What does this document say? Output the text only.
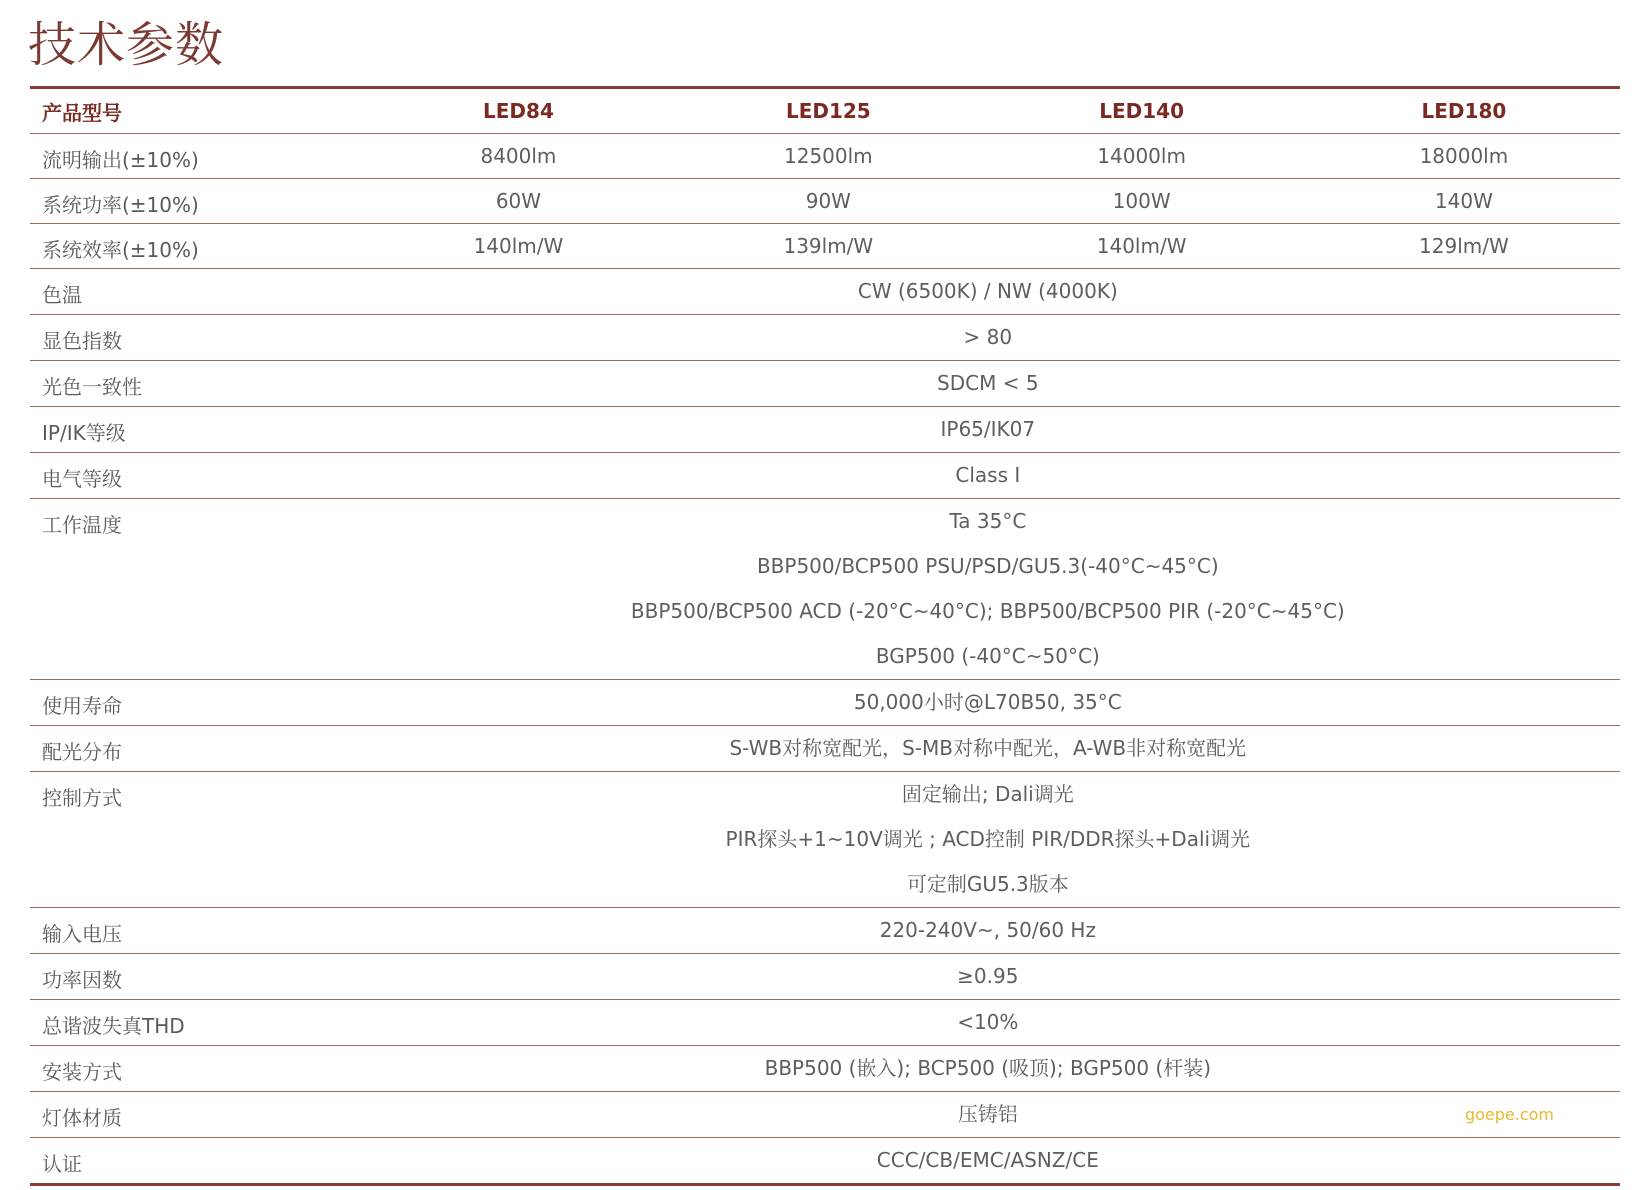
技术参数
产品型号	LED84	LED125	LED140	LED180
流明输出(±10%)	8400lm	12500lm	14000lm	18000lm
系统功率(±10%)	60W	90W	100W	140W
系统效率(±10%)	140lm/W	139lm/W	140lm/W	129lm/W
色温	CW (6500K) / NW (4000K)			

显色指数	> 80			

光色一致性	SDCM < 5			

IP/IK等级	IP65/IK07			

电气等级	Class I			

工作温度	Ta 35°C
BBP500/BCP500 PSU/PSD/GU5.3(-40°C~45°C)
BBP500/BCP500 ACD (-20°C~40°C); BBP500/BCP500 PIR (-20°C~45°C)
BGP500 (-40°C~50°C)			

使用寿命	50,000小时@L70B50, 35°C			

配光分布	S-WB对称宽配光，S-MB对称中配光，A-WB非对称宽配光			

控制方式	固定输出; Dali调光
PIR探头+1~10V调光 ; ACD控制 PIR/DDR探头+Dali调光
可定制GU5.3版本			

输入电压	220-240V~, 50/60 Hz			

功率因数	≥0.95			

总谐波失真THD	<10%			

安装方式	BBP500 (嵌入); BCP500 (吸顶); BGP500 (杆装)			

灯体材质	压铸铝			

认证	CCC/CB/EMC/ASNZ/CE			
goepe.com
